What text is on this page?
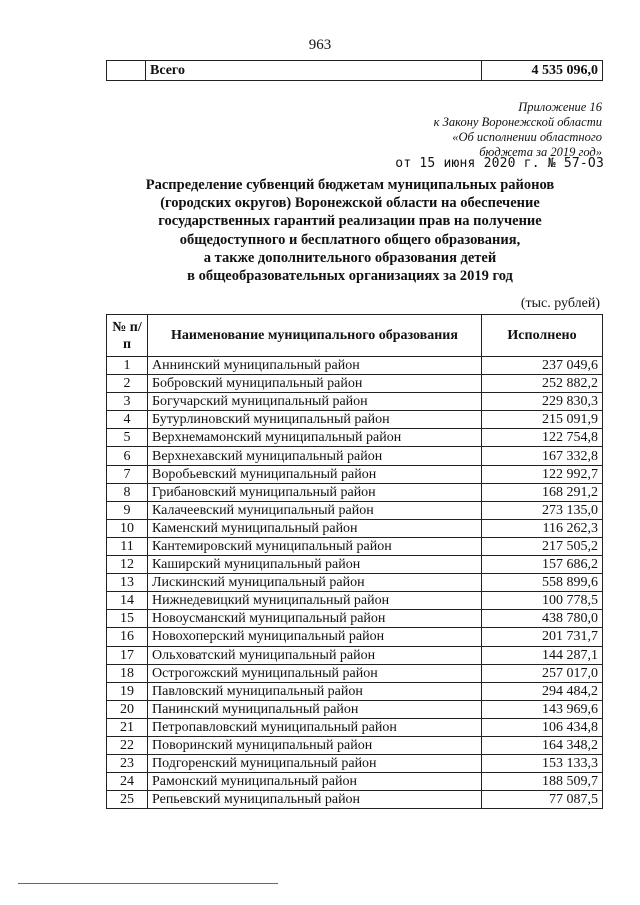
963
	Всего	4 535 096,0
Приложение 16
к Закону Воронежской области
«Об исполнении областного
бюджета за 2019 год»
от 15 июня 2020 г. № 57-ОЗ
Распределение субвенций бюджетам муниципальных районов
(городских округов) Воронежской области на обеспечение
государственных гарантий реализации прав на получение
общедоступного и бесплатного общего образования,
а также дополнительного образования детей
в общеобразовательных организациях за 2019 год
(тыс. рублей)
№ п/п	Наименование муниципального образования	Исполнено
1	Аннинский муниципальный район	237 049,6
2	Бобровский муниципальный район	252 882,2
3	Богучарский муниципальный район	229 830,3
4	Бутурлиновский муниципальный район	215 091,9
5	Верхнемамонский муниципальный район	122 754,8
6	Верхнехавский муниципальный район	167 332,8
7	Воробьевский муниципальный район	122 992,7
8	Грибановский муниципальный район	168 291,2
9	Калачеевский муниципальный район	273 135,0
10	Каменский муниципальный район	116 262,3
11	Кантемировский муниципальный район	217 505,2
12	Каширский муниципальный район	157 686,2
13	Лискинский муниципальный район	558 899,6
14	Нижнедевицкий муниципальный район	100 778,5
15	Новоусманский муниципальный район	438 780,0
16	Новохоперский муниципальный район	201 731,7
17	Ольховатский муниципальный район	144 287,1
18	Острогожский муниципальный район	257 017,0
19	Павловский муниципальный район	294 484,2
20	Панинский муниципальный район	143 969,6
21	Петропавловский муниципальный район	106 434,8
22	Поворинский муниципальный район	164 348,2
23	Подгоренский муниципальный район	153 133,3
24	Рамонский муниципальный район	188 509,7
25	Репьевский муниципальный район	77 087,5
